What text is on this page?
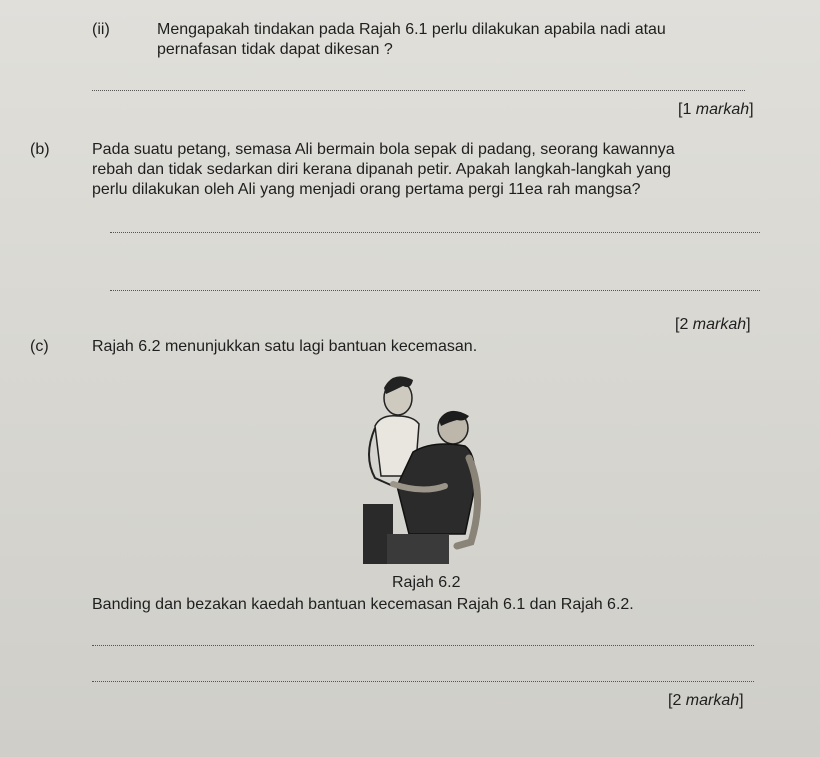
(ii)	Mengapakah tindakan pada Rajah 6.1 perlu dilakukan apabila nadi atau
pernafasan tidak dapat dikesan ?
[1 markah]
(b)	Pada suatu petang, semasa Ali bermain bola sepak di padang, seorang kawannya
rebah dan tidak sedarkan diri kerana dipanah petir. Apakah langkah-langkah yang
perlu dilakukan oleh Ali yang menjadi orang pertama pergi 11ea rah mangsa?
[2 markah]
(c)	Rajah 6.2 menunjukkan satu lagi bantuan kecemasan.
Rajah 6.2
Banding dan bezakan kaedah bantuan kecemasan Rajah 6.1 dan Rajah 6.2.
[2 markah]
